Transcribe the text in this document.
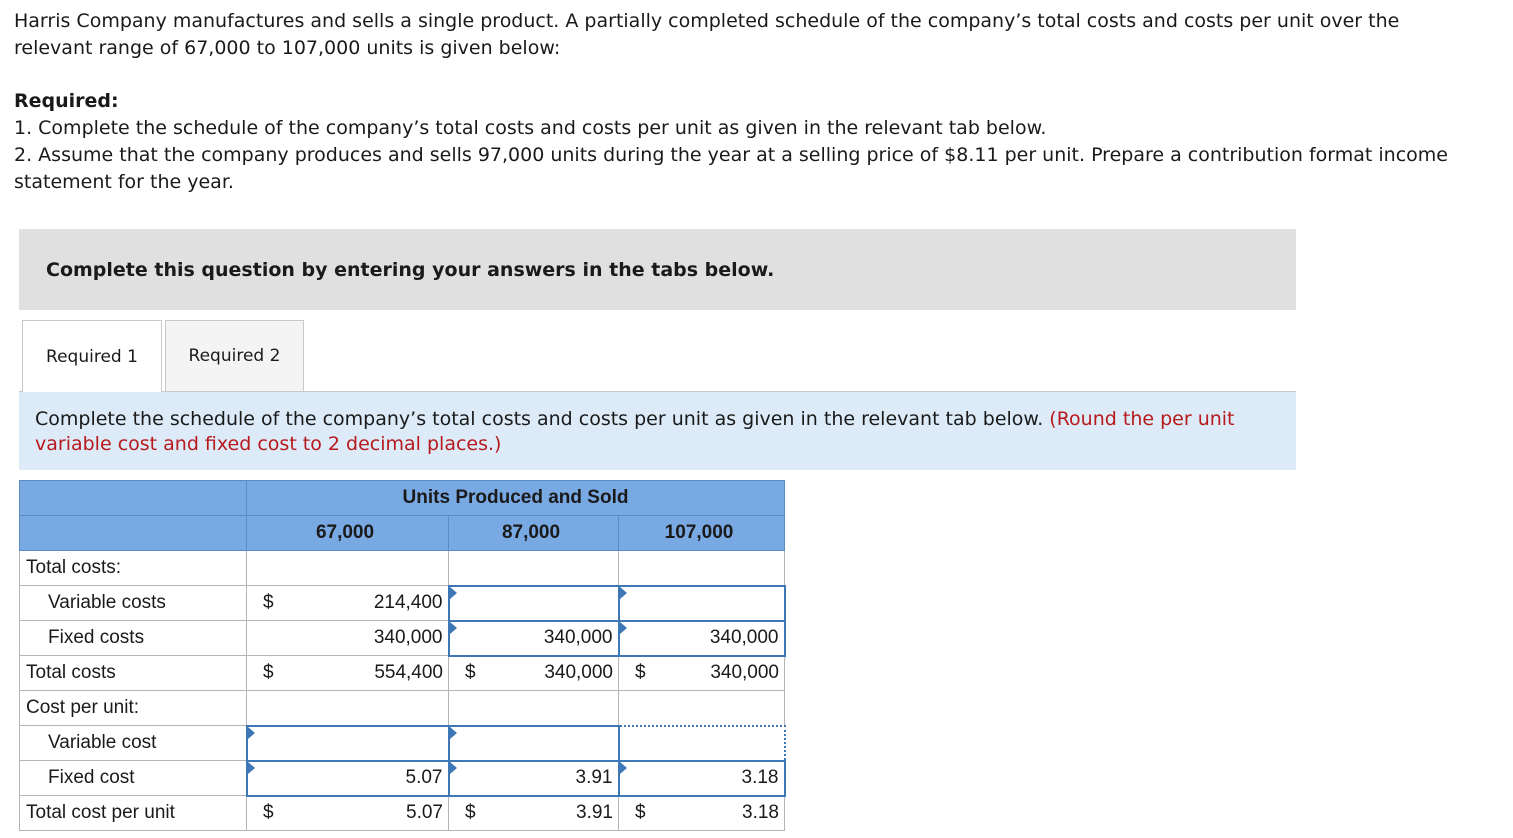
Harris Company manufactures and sells a single product. A partially completed schedule of the company’s total costs and costs per unit over the relevant range of 67,000 to 107,000 units is given below:

Required:

1. Complete the schedule of the company’s total costs and costs per unit as given in the relevant tab below.

2. Assume that the company produces and sells 97,000 units during the year at a selling price of $8.11 per unit. Prepare a contribution format income statement for the year.

Complete this question by entering your answers in the tabs below.
Required 1	Required 2
Complete the schedule of the company’s total costs and costs per unit as given in the relevant tab below. (Round the per unit variable cost and fixed cost to 2 decimal places.)
	Units Produced and Sold		
	67,000	87,000	107,000
Total costs:			
Variable costs	$ 214,400		

Fixed costs	340,000	340,000	340,000
Total costs	$ 554,400	$ 340,000	$ 340,000

Cost per unit:			
Variable cost	

Fixed cost	5.07	3.91	3.18
Total cost per unit	$ 5.07	$ 3.91	$ 3.18
